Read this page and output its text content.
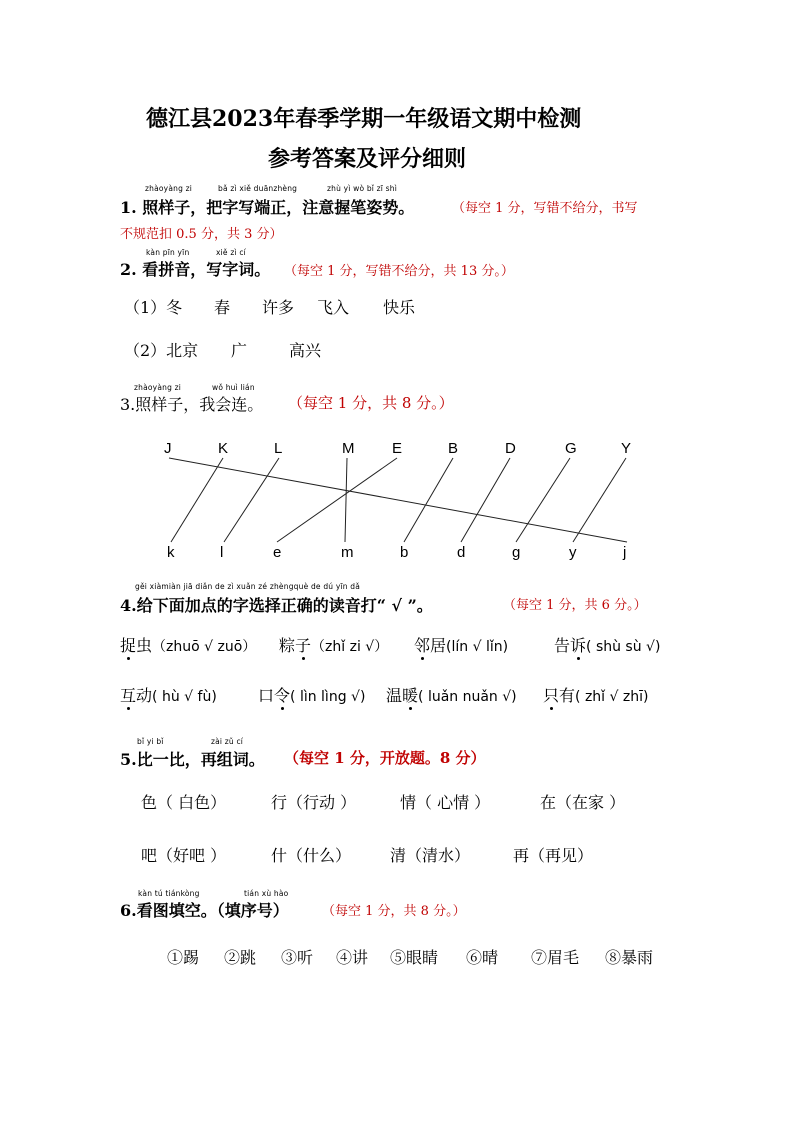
德江县2023年春季学期一年级语文期中检测
参考答案及评分细则
zhàoyàng zi	bǎ zì xiě duānzhèng	zhù yì wò bǐ zī shì
1. 照样子，把字写端正，注意握笔姿势。	（每空 1 分，写错不给分，书写
不规范扣 0.5 分，共 3 分）
kàn pīn yīn	xiě zì cí
2. 看拼音，写字词。 （每空 1 分，写错不给分，共 13 分。）
（1）冬 春 许多 飞入 快乐
（2）北京 广	高兴
zhàoyàng zi	wǒ huì lián
3.照样子，我会连。 （每空 1 分，共 8 分。）
J	K	L	M	E	B	D	G	Y
k	l	e	m	b	d	g	y	j
gěi xiàmiàn jiā diǎn de zì xuǎn zé zhèngquè de dú yīn dǎ
4.给下面加点的字选择正确的读音打“ √ ”。	（每空 1 分，共 6 分。）
捉虫（zhuō √ zuō） 粽子（zhǐ zi √） 邻居(lín √ lǐn)	告诉( shù sù √)
互动( hù √ fù)	口令( lìn lìng √) 温暖( luǎn nuǎn √) 只有( zhǐ √ zhī)
bǐ yi bǐ	zài zǔ cí
5.比一比，再组词。 （每空 1 分，开放题。8 分）
色（ 白色）	行（行动 ）	情（ 心情 ）	在（在家 ）
吧（好吧 ）	什（什么） 清（清水）	再（再见）
kàn tú tiánkòng	tián xù hào
6.看图填空。（填序号）	（每空 1 分，共 8 分。）
①踢 ②跳 ③听 ④讲 ⑤眼睛 ⑥晴 ⑦眉毛 ⑧暴雨
